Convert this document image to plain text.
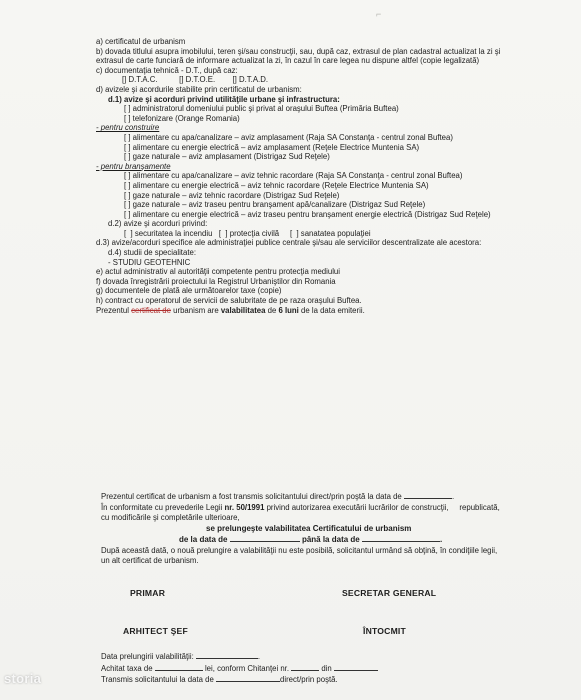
⌐
a) certificatul de urbanism
b) dovada titlului asupra imobilului, teren şi/sau construcţii, sau, după caz, extrasul de plan cadastral actualizat la zi şi extrasul de carte funciară de informare actualizat la zi, în cazul în care legea nu dispune altfel (copie legalizată)
c) documentaţia tehnică - D.T., după caz:
[] D.T.A.C.          [] D.T.O.E.        [] D.T.A.D.
d) avizele şi acordurile stabilite prin certificatul de urbanism:
d.1) avize şi acorduri privind utilităţile urbane şi infrastructura:
[ ] administratorul domeniului public şi privat al oraşului Buftea (Primăria Buftea)
[ ] telefonizare (Orange Romania)
- pentru construire
[ ] alimentare cu apa/canalizare – aviz amplasament (Raja SA Constanţa - centrul zonal Buftea)
[ ] alimentare cu energie electrică – aviz amplasament (Reţele Electrice Muntenia SA)
[ ] gaze naturale – aviz amplasament (Distrigaz Sud Reţele)
- pentru branşamente
[ ] alimentare cu apa/canalizare – aviz tehnic racordare (Raja SA Constanţa - centrul zonal Buftea)
[ ] alimentare cu energie electrică – aviz tehnic racordare (Reţele Electrice Muntenia SA)
[ ] gaze naturale – aviz tehnic racordare (Distrigaz Sud Reţele)
[ ] gaze naturale – aviz traseu pentru branşament apă/canalizare (Distrigaz Sud Reţele)
[ ] alimentare cu energie electrică – aviz traseu pentru branşament energie electrică (Distrigaz Sud Reţele)
d.2) avize şi acorduri privind:
[  ] securitatea la incendiu   [  ] protecţia civilă     [  ] sanatatea populaţiei
d.3) avize/acorduri specifice ale administraţiei publice centrale şi/sau ale serviciilor descentralizate ale acestora:
d.4) studii de specialitate:
- STUDIU GEOTEHNIC
e) actul administrativ al autorităţii competente pentru protecţia mediului
f) dovada înregistrării proiectului la Registrul Urbaniştilor din Romania
g) documentele de plată ale următoarelor taxe (copie)
h) contract cu operatorul de servicii de salubritate de pe raza oraşului Buftea.
Prezentul certificat de urbanism are valabilitatea de 6 luni de la data emiterii.
Prezentul certificat de urbanism a fost transmis solicitantului direct/prin poştă la data de	.
În conformitate cu prevederile Legii nr. 50/1991 privind autorizarea executării lucrărilor de construcţii,     republicată,
cu modificările şi completările ulterioare,
se prelungeşte valabilitatea Certificatului de urbanism
de la data de	până la data de	.
După această dată, o nouă prelungire a valabilităţii nu este posibilă, solicitantul urmând să obţină, în condiţiile legii,
un alt certificat de urbanism.
PRIMAR	SECRETAR GENERAL
ARHITECT ŞEF	ÎNTOCMIT
Data prelungirii valabilităţii:	.
Achitat taxa de	lei, conform Chitanţei nr.	din
Transmis solicitantului la data de	direct/prin poştă.
storia
